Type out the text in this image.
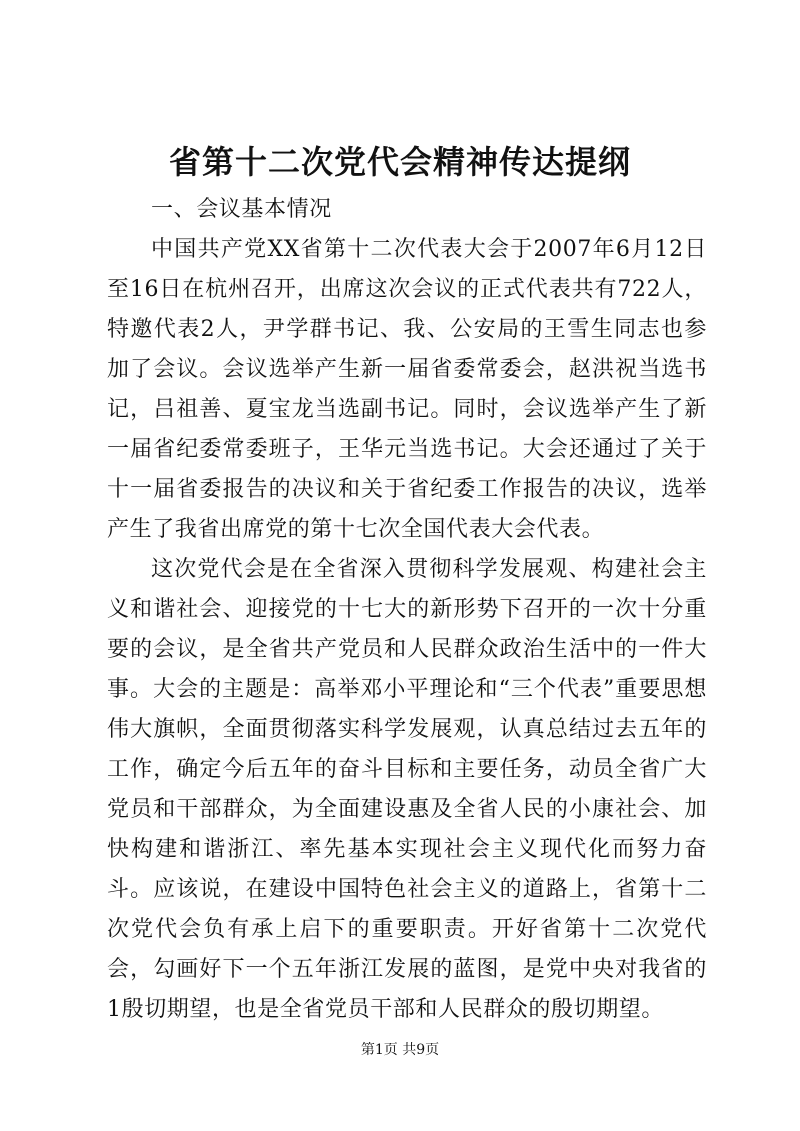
省第十二次党代会精神传达提纲

一、会议基本情况

中国共产党XX省第十二次代表大会于2007年6月12日至16日在杭州召开，出席这次会议的正式代表共有722人，特邀代表2人，尹学群书记、我、公安局的王雪生同志也参加了会议。会议选举产生新一届省委常委会，赵洪祝当选书记，吕祖善、夏宝龙当选副书记。同时，会议选举产生了新一届省纪委常委班子，王华元当选书记。大会还通过了关于十一届省委报告的决议和关于省纪委工作报告的决议，选举产生了我省出席党的第十七次全国代表大会代表。

这次党代会是在全省深入贯彻科学发展观、构建社会主义和谐社会、迎接党的十七大的新形势下召开的一次十分重要的会议，是全省共产党员和人民群众政治生活中的一件大事。大会的主题是：高举邓小平理论和“三个代表”重要思想伟大旗帜，全面贯彻落实科学发展观，认真总结过去五年的工作，确定今后五年的奋斗目标和主要任务，动员全省广大党员和干部群众，为全面建设惠及全省人民的小康社会、加快构建和谐浙江、率先基本实现社会主义现代化而努力奋斗。应该说，在建设中国特色社会主义的道路上，省第十二次党代会负有承上启下的重要职责。开好省第十二次党代会，勾画好下一个五年浙江发展的蓝图，是党中央对我省的1殷切期望，也是全省党员干部和人民群众的殷切期望。

第1页 共9页
